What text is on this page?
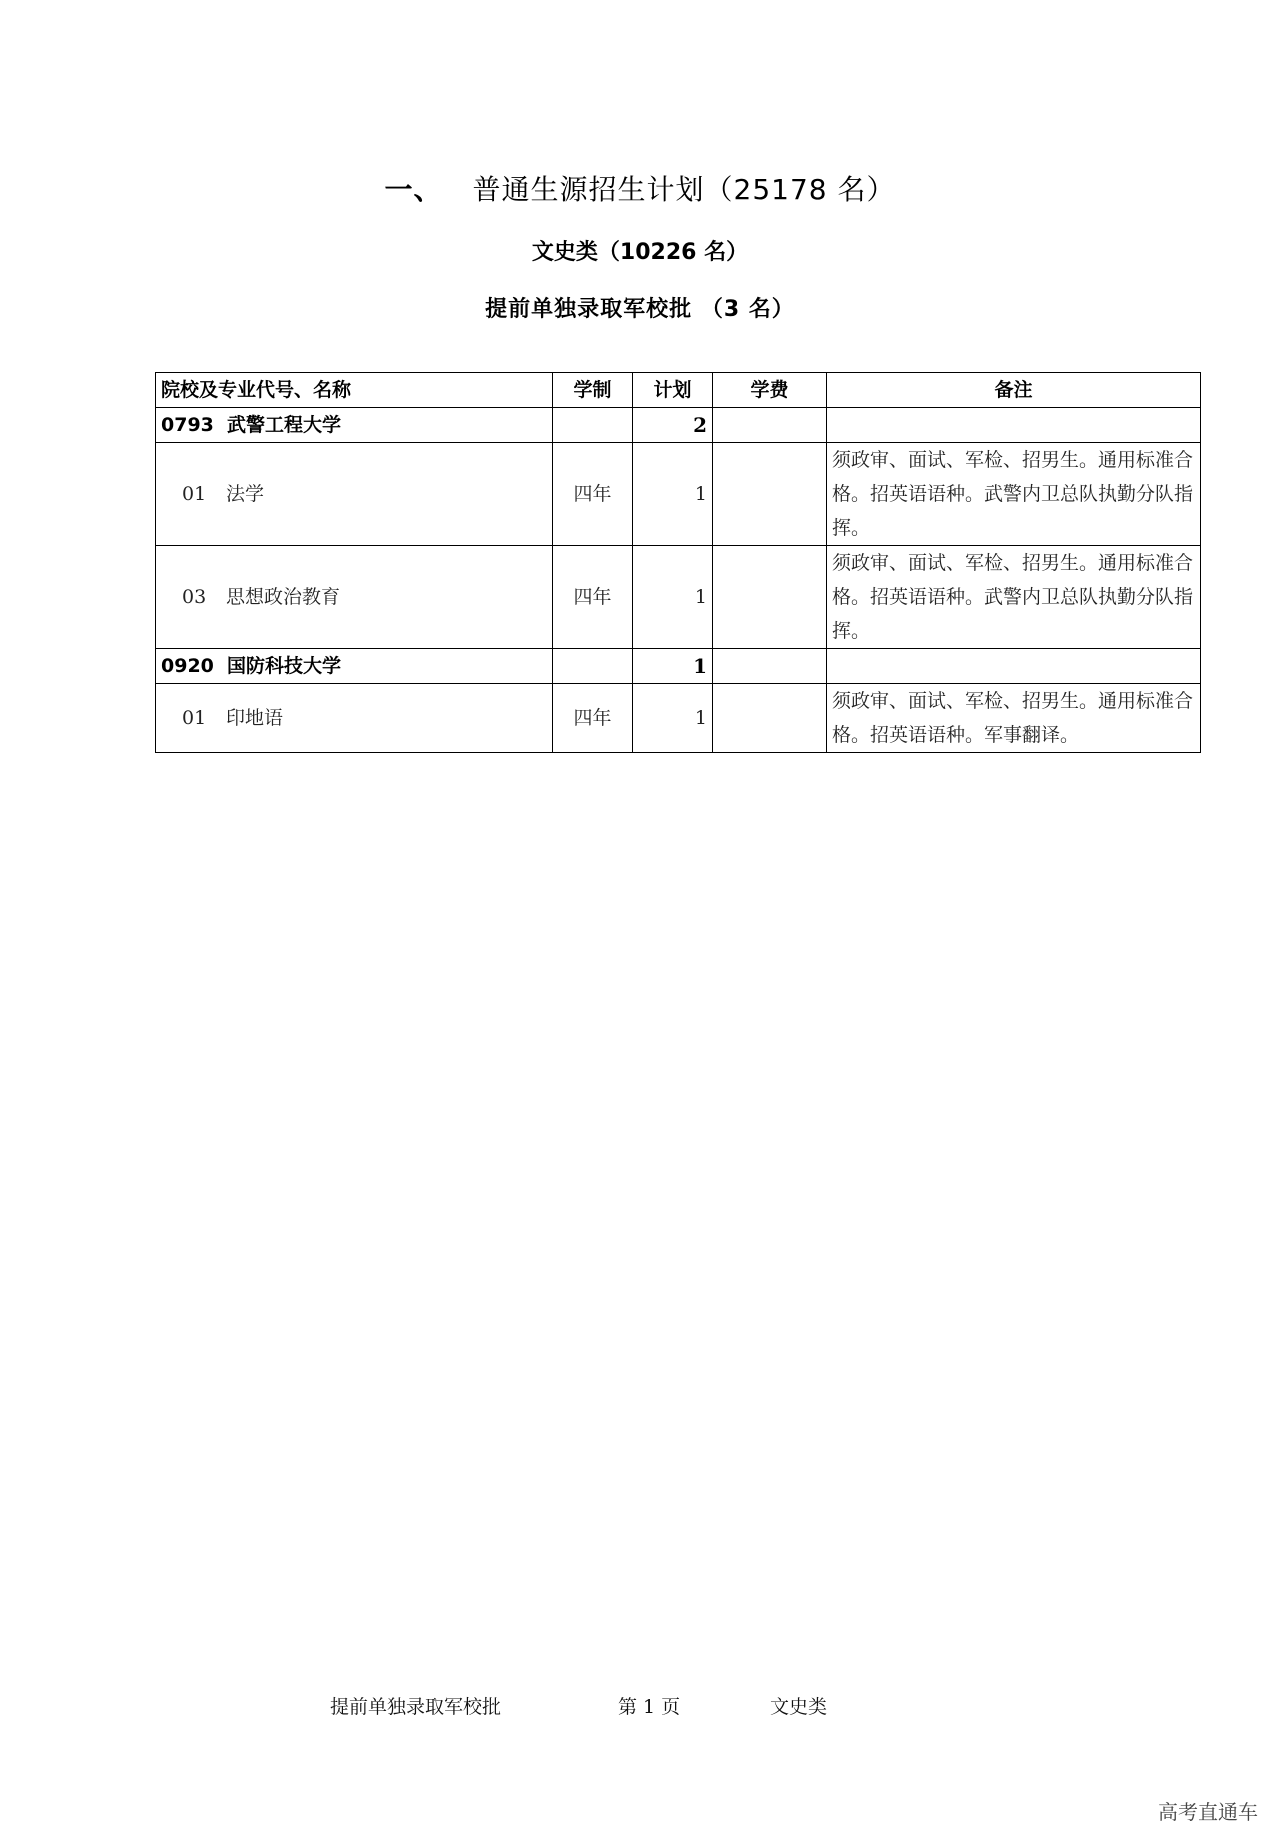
一、 普通生源招生计划（25178 名）
文史类（10226 名）
提前单独录取军校批 （3 名）
院校及专业代号、名称	学制	计划	学费	备注
0793 武警工程大学		2		
01 法学	四年	1		须政审、面试、军检、招男生。通用标准合格。招英语语种。武警内卫总队执勤分队指挥。
03 思想政治教育	四年	1		须政审、面试、军检、招男生。通用标准合格。招英语语种。武警内卫总队执勤分队指挥。
0920 国防科技大学		1		
01 印地语	四年	1		须政审、面试、军检、招男生。通用标准合格。招英语语种。军事翻译。
提前单独录取军校批	第 1 页	文史类
高考直通车
